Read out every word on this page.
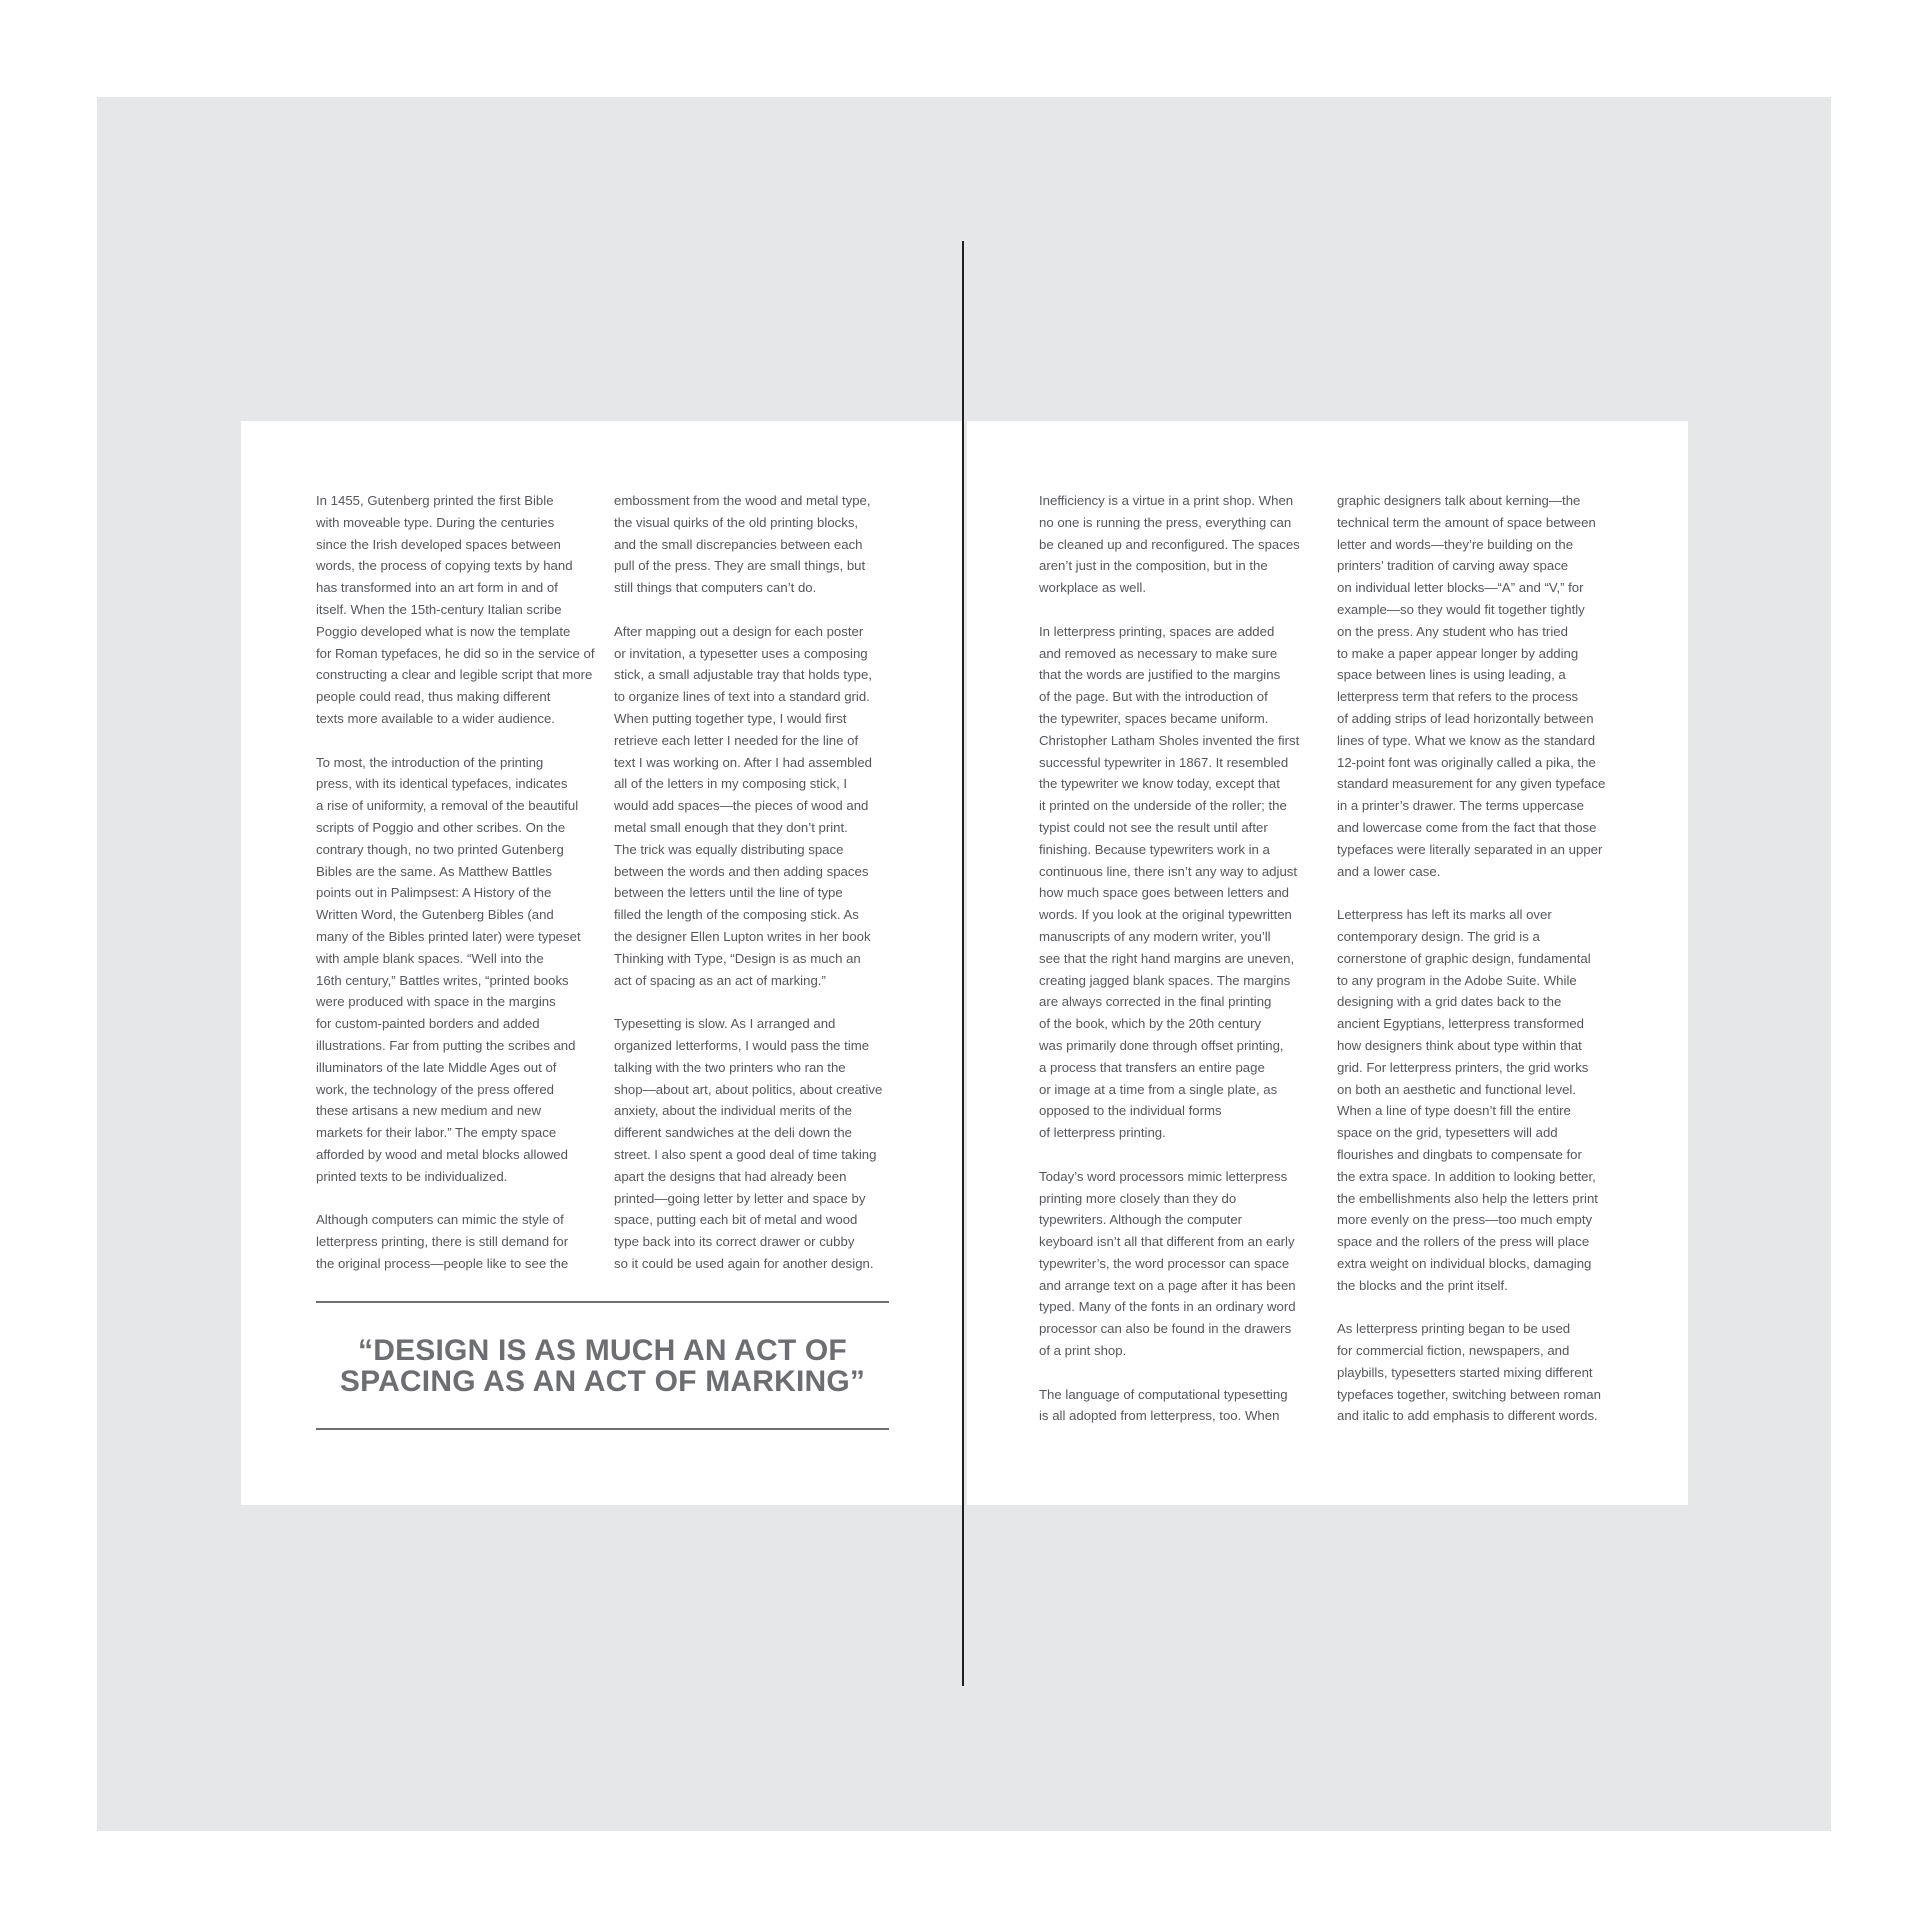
In 1455, Gutenberg printed the first Bible
with moveable type. During the centuries
since the Irish developed spaces between
words, the process of copying texts by hand
has transformed into an art form in and of
itself. When the 15th-century Italian scribe
Poggio developed what is now the template
for Roman typefaces, he did so in the service of
constructing a clear and legible script that more
people could read, thus making different
texts more available to a wider audience.

To most, the introduction of the printing
press, with its identical typefaces, indicates
a rise of uniformity, a removal of the beautiful
scripts of Poggio and other scribes. On the
contrary though, no two printed Gutenberg
Bibles are the same. As Matthew Battles
points out in Palimpsest: A History of the
Written Word, the Gutenberg Bibles (and
many of the Bibles printed later) were typeset
with ample blank spaces. “Well into the
16th century,” Battles writes, “printed books
were produced with space in the margins
for custom-painted borders and added
illustrations. Far from putting the scribes and
illuminators of the late Middle Ages out of
work, the technology of the press offered
these artisans a new medium and new
markets for their labor.” The empty space
afforded by wood and metal blocks allowed
printed texts to be individualized.

Although computers can mimic the style of
letterpress printing, there is still demand for
the original process—people like to see the

embossment from the wood and metal type,
the visual quirks of the old printing blocks,
and the small discrepancies between each
pull of the press. They are small things, but
still things that computers can’t do.

After mapping out a design for each poster
or invitation, a typesetter uses a composing
stick, a small adjustable tray that holds type,
to organize lines of text into a standard grid.
When putting together type, I would first
retrieve each letter I needed for the line of
text I was working on. After I had assembled
all of the letters in my composing stick, I
would add spaces—the pieces of wood and
metal small enough that they don’t print.
The trick was equally distributing space
between the words and then adding spaces
between the letters until the line of type
filled the length of the composing stick. As
the designer Ellen Lupton writes in her book
Thinking with Type, “Design is as much an
act of spacing as an act of marking.”

Typesetting is slow. As I arranged and
organized letterforms, I would pass the time
talking with the two printers who ran the
shop—about art, about politics, about creative
anxiety, about the individual merits of the
different sandwiches at the deli down the
street. I also spent a good deal of time taking
apart the designs that had already been
printed—going letter by letter and space by
space, putting each bit of metal and wood
type back into its correct drawer or cubby
so it could be used again for another design.

“DESIGN IS AS MUCH AN ACT OF
SPACING AS AN ACT OF MARKING”

Inefficiency is a virtue in a print shop. When
no one is running the press, everything can
be cleaned up and reconfigured. The spaces
aren’t just in the composition, but in the
workplace as well.

In letterpress printing, spaces are added
and removed as necessary to make sure
that the words are justified to the margins
of the page. But with the introduction of
the typewriter, spaces became uniform.
Christopher Latham Sholes invented the first
successful typewriter in 1867. It resembled
the typewriter we know today, except that
it printed on the underside of the roller; the
typist could not see the result until after
finishing. Because typewriters work in a
continuous line, there isn’t any way to adjust
how much space goes between letters and
words. If you look at the original typewritten
manuscripts of any modern writer, you’ll
see that the right hand margins are uneven,
creating jagged blank spaces. The margins
are always corrected in the final printing
of the book, which by the 20th century
was primarily done through offset printing,
a process that transfers an entire page
or image at a time from a single plate, as
opposed to the individual forms
of letterpress printing.

Today’s word processors mimic letterpress
printing more closely than they do
typewriters. Although the computer
keyboard isn’t all that different from an early
typewriter’s, the word processor can space
and arrange text on a page after it has been
typed. Many of the fonts in an ordinary word
processor can also be found in the drawers
of a print shop.

The language of computational typesetting
is all adopted from letterpress, too. When

graphic designers talk about kerning—the
technical term the amount of space between
letter and words—they’re building on the
printers’ tradition of carving away space
on individual letter blocks—“A” and “V,” for
example—so they would fit together tightly
on the press. Any student who has tried
to make a paper appear longer by adding
space between lines is using leading, a
letterpress term that refers to the process
of adding strips of lead horizontally between
lines of type. What we know as the standard
12-point font was originally called a pika, the
standard measurement for any given typeface
in a printer’s drawer. The terms uppercase
and lowercase come from the fact that those
typefaces were literally separated in an upper
and a lower case.

Letterpress has left its marks all over
contemporary design. The grid is a
cornerstone of graphic design, fundamental
to any program in the Adobe Suite. While
designing with a grid dates back to the
ancient Egyptians, letterpress transformed
how designers think about type within that
grid. For letterpress printers, the grid works
on both an aesthetic and functional level.
When a line of type doesn’t fill the entire
space on the grid, typesetters will add
flourishes and dingbats to compensate for
the extra space. In addition to looking better,
the embellishments also help the letters print
more evenly on the press—too much empty
space and the rollers of the press will place
extra weight on individual blocks, damaging
the blocks and the print itself.

As letterpress printing began to be used
for commercial fiction, newspapers, and
playbills, typesetters started mixing different
typefaces together, switching between roman
and italic to add emphasis to different words.
